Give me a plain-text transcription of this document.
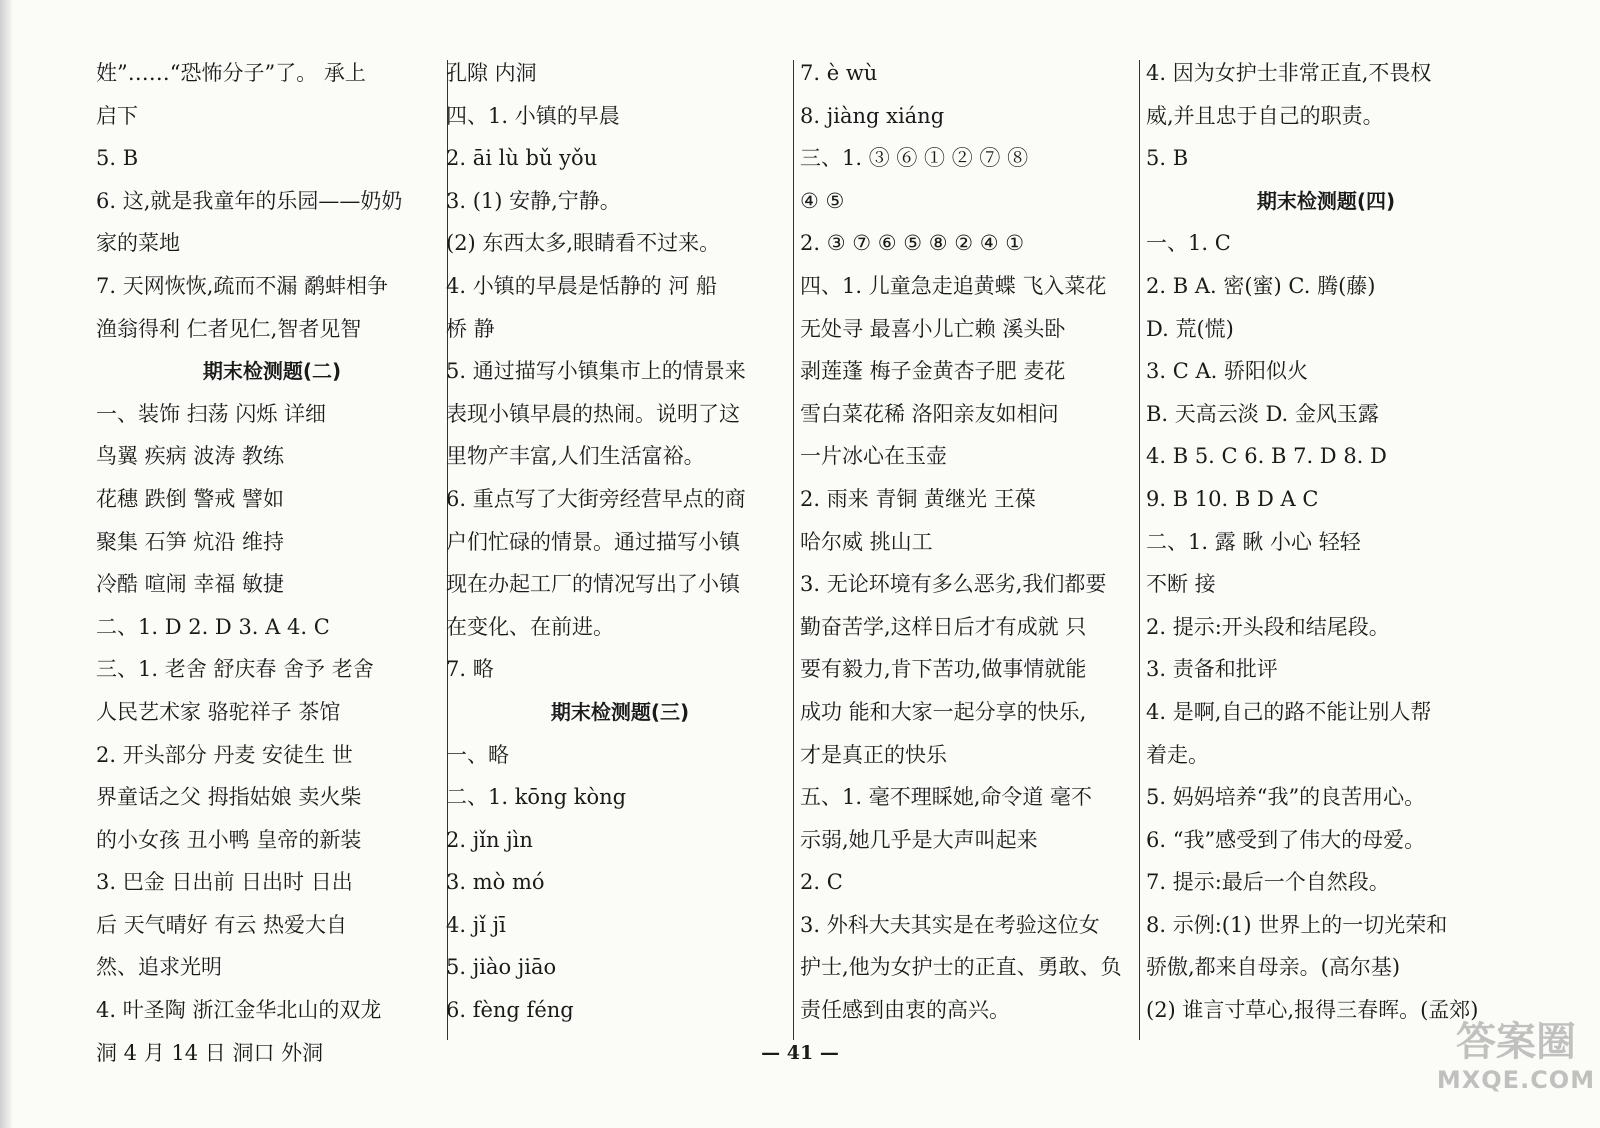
姓”……“恐怖分子”了。 承上
启下
5. B
6. 这,就是我童年的乐园——奶奶
家的菜地
7. 天网恢恢,疏而不漏 鹬蚌相争
渔翁得利 仁者见仁,智者见智
期末检测题(二)
一、装饰 扫荡 闪烁 详细
鸟翼 疾病 波涛 教练
花穗 跌倒 警戒 譬如
聚集 石笋 炕沿 维持
冷酷 喧闹 幸福 敏捷
二、1. D 2. D 3. A 4. C
三、1. 老舍 舒庆春 舍予 老舍
人民艺术家 骆驼祥子 茶馆
2. 开头部分 丹麦 安徒生 世
界童话之父 拇指姑娘 卖火柴
的小女孩 丑小鸭 皇帝的新装
3. 巴金 日出前 日出时 日出
后 天气晴好 有云 热爱大自
然、追求光明
4. 叶圣陶 浙江金华北山的双龙
洞 4 月 14 日 洞口 外洞
孔隙 内洞
四、1. 小镇的早晨
2. āi lù bǔ yǒu
3. (1) 安静,宁静。
(2) 东西太多,眼睛看不过来。
4. 小镇的早晨是恬静的 河 船
桥 静
5. 通过描写小镇集市上的情景来
表现小镇早晨的热闹。说明了这
里物产丰富,人们生活富裕。
6. 重点写了大街旁经营早点的商
户们忙碌的情景。通过描写小镇
现在办起工厂的情况写出了小镇
在变化、在前进。
7. 略
期末检测题(三)
一、略
二、1. kōng kòng
2. jǐn jìn
3. mò mó
4. jǐ jī
5. jiào jiāo
6. fèng féng
7. è wù
8. jiàng xiáng
三、1. ③ ⑥ ① ② ⑦ ⑧
④ ⑤
2. ③ ⑦ ⑥ ⑤ ⑧ ② ④ ①
四、1. 儿童急走追黄蝶 飞入菜花
无处寻 最喜小儿亡赖 溪头卧
剥莲蓬 梅子金黄杏子肥 麦花
雪白菜花稀 洛阳亲友如相问
一片冰心在玉壶
2. 雨来 青铜 黄继光 王葆
哈尔威 挑山工
3. 无论环境有多么恶劣,我们都要
勤奋苦学,这样日后才有成就 只
要有毅力,肯下苦功,做事情就能
成功 能和大家一起分享的快乐,
才是真正的快乐
五、1. 毫不理睬她,命令道 毫不
示弱,她几乎是大声叫起来
2. C
3. 外科大夫其实是在考验这位女
护士,他为女护士的正直、勇敢、负
责任感到由衷的高兴。
4. 因为女护士非常正直,不畏权
威,并且忠于自己的职责。
5. B
期末检测题(四)
一、1. C
2. B A. 密(蜜) C. 腾(藤)
D. 荒(慌)
3. C A. 骄阳似火
B. 天高云淡 D. 金风玉露
4. B 5. C 6. B 7. D 8. D
9. B 10. B D A C
二、1. 露 瞅 小心 轻轻
不断 接
2. 提示:开头段和结尾段。
3. 责备和批评
4. 是啊,自己的路不能让别人帮
着走。
5. 妈妈培养“我”的良苦用心。
6. “我”感受到了伟大的母爱。
7. 提示:最后一个自然段。
8. 示例:(1) 世界上的一切光荣和
骄傲,都来自母亲。(高尔基)
(2) 谁言寸草心,报得三春晖。(孟郊)
— 41 —	答案圈
MXQE.COM
